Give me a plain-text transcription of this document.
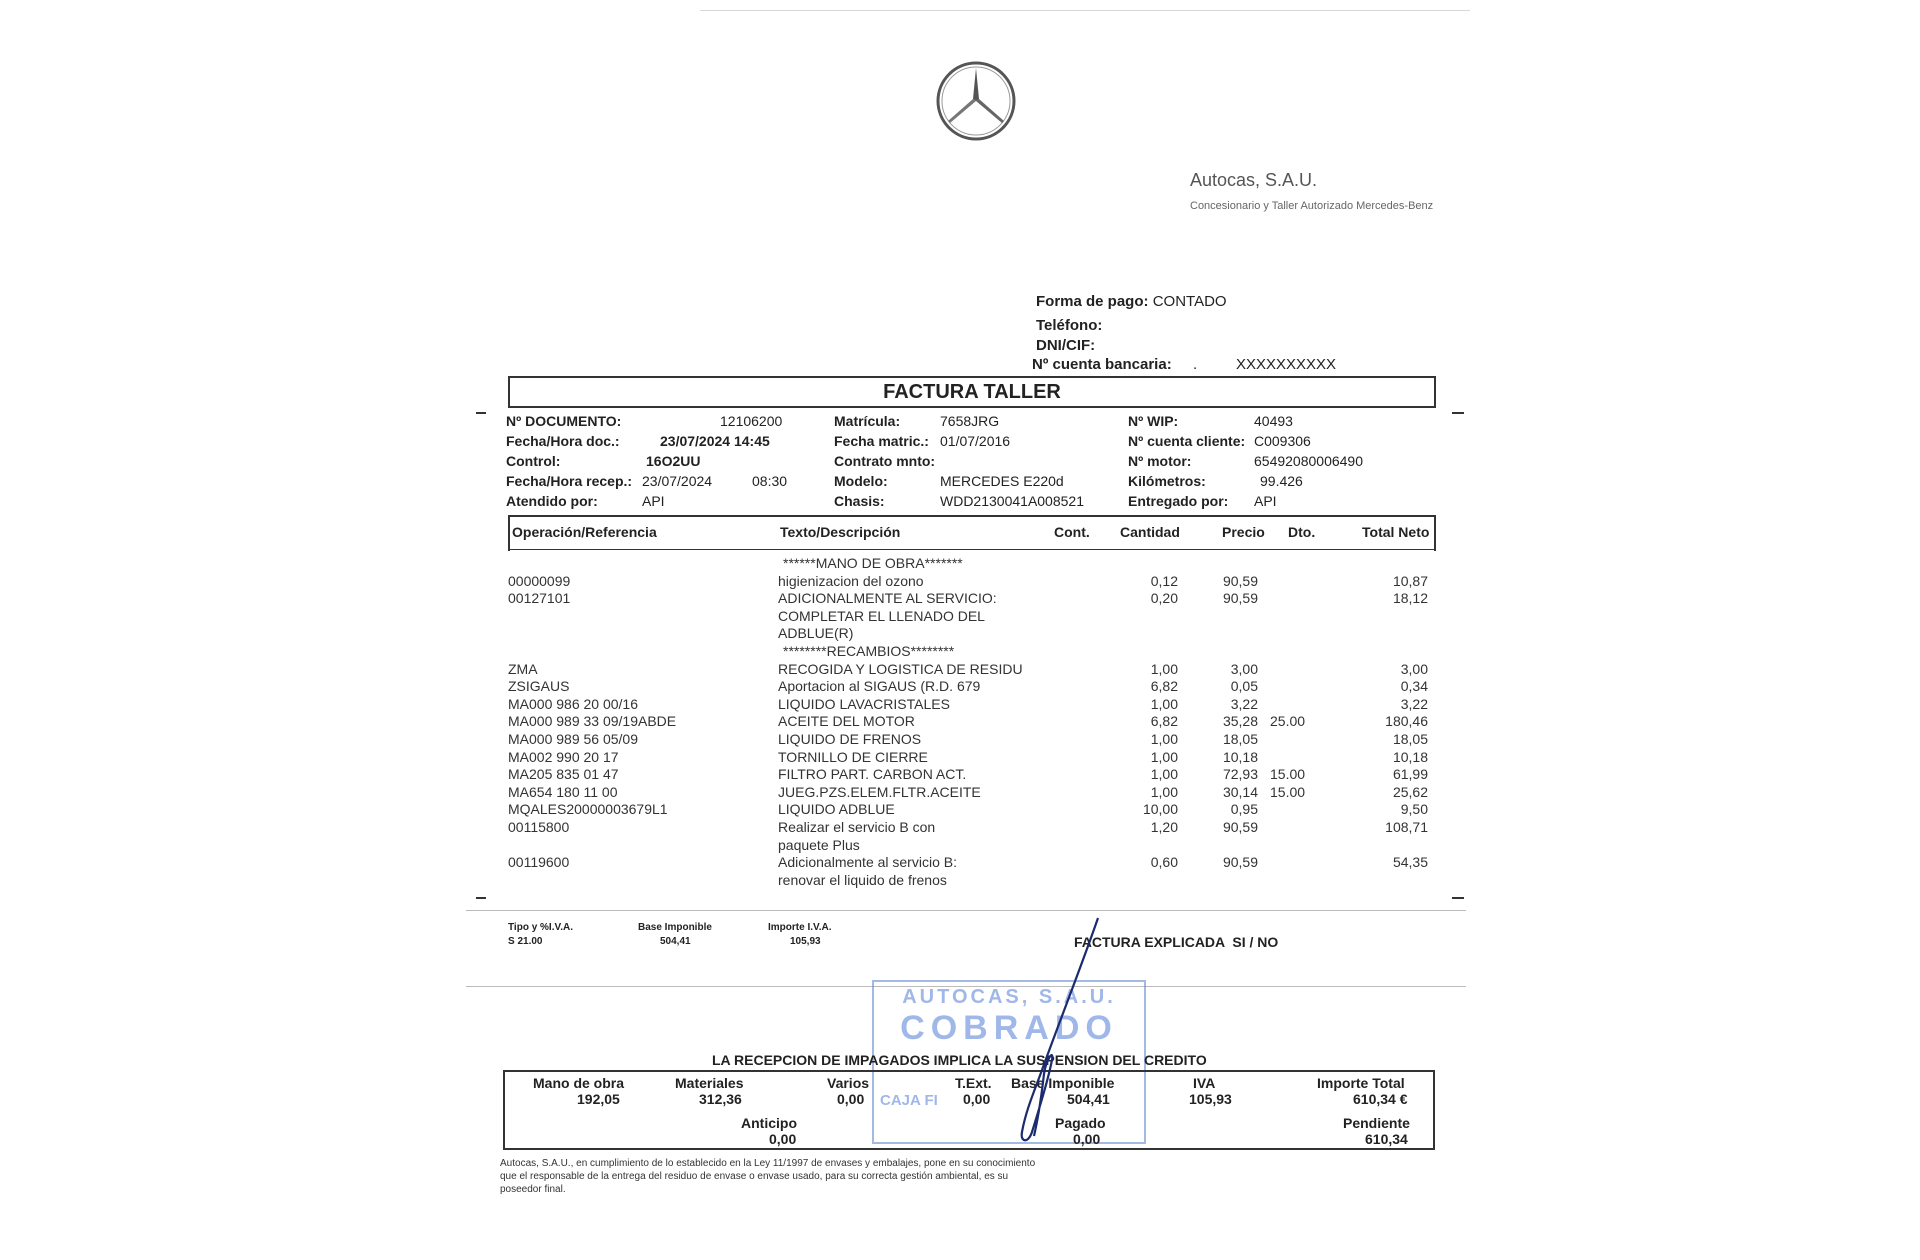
Autocas, S.A.U.
Concesionario y Taller Autorizado Mercedes-Benz
Forma de pago: CONTADO
Teléfono:
DNI/CIF:
Nº cuenta bancaria: .	XXXXXXXXXX
FACTURA TALLER
Nº DOCUMENTO:	12106200
Fecha/Hora doc.:	23/07/2024 14:45
Control:	16O2UU
Fecha/Hora recep.: 23/07/2024	08:30
Atendido por:	API
Matrícula:	7658JRG
Fecha matric.: 01/07/2016
Contrato mnto:
Modelo:	MERCEDES E220d
Chasis:	WDD2130041A008521
Nº WIP:	40493
Nº cuenta cliente: C009306
Nº motor:	65492080006490
Kilómetros:	99.426
Entregado por: API
Operación/Referencia	Texto/Descripción	Cont. Cantidad	Precio Dto.	Total Neto
******MANO DE OBRA*******
00000099	higienizacion del ozono	0,12	90,59	10,87
00127101	ADICIONALMENTE AL SERVICIO:	0,20	90,59	18,12
COMPLETAR EL LLENADO DEL
ADBLUE(R)
********RECAMBIOS********
ZMA	RECOGIDA Y LOGISTICA DE RESIDU	1,00	3,00	3,00
ZSIGAUS	Aportacion al SIGAUS (R.D. 679	6,82	0,05	0,34
MA000 986 20 00/16	LIQUIDO LAVACRISTALES	1,00	3,22	3,22
MA000 989 33 09/19ABDE	ACEITE DEL MOTOR	6,82	35,28 25.00	180,46
MA000 989 56 05/09	LIQUIDO DE FRENOS	1,00	18,05	18,05
MA002 990 20 17	TORNILLO DE CIERRE	1,00	10,18	10,18
MA205 835 01 47	FILTRO PART. CARBON ACT.	1,00	72,93 15.00	61,99
MA654 180 11 00	JUEG.PZS.ELEM.FLTR.ACEITE	1,00	30,14 15.00	25,62
MQALES20000003679L1	LIQUIDO ADBLUE	10,00	0,95	9,50
00115800	Realizar el servicio B con	1,20	90,59	108,71
paquete Plus
00119600	Adicionalmente al servicio B:	0,60	90,59	54,35
renovar el liquido de frenos
Tipo y %I.V.A.
S 21.00
Base Imponible
504,41
Importe I.V.A.
105,93	FACTURA EXPLICADA  SI / NO
AUTOCAS, S.A.U.
COBRADO
CAJA FI
LA RECEPCION DE IMPAGADOS IMPLICA LA SUSPENSION DEL CREDITO
Mano de obra
192,05
Materiales
312,36
Varios
0,00
T.Ext.
0,00
Base Imponible
504,41
IVA
105,93
Importe Total
610,34 €
Anticipo
0,00
Pagado
0,00
Pendiente
610,34
Autocas, S.A.U., en cumplimiento de lo establecido en la Ley 11/1997 de envases y embalajes, pone en su conocimiento que el responsable de la entrega del residuo de envase o envase usado, para su correcta gestión ambiental, es su poseedor final.
